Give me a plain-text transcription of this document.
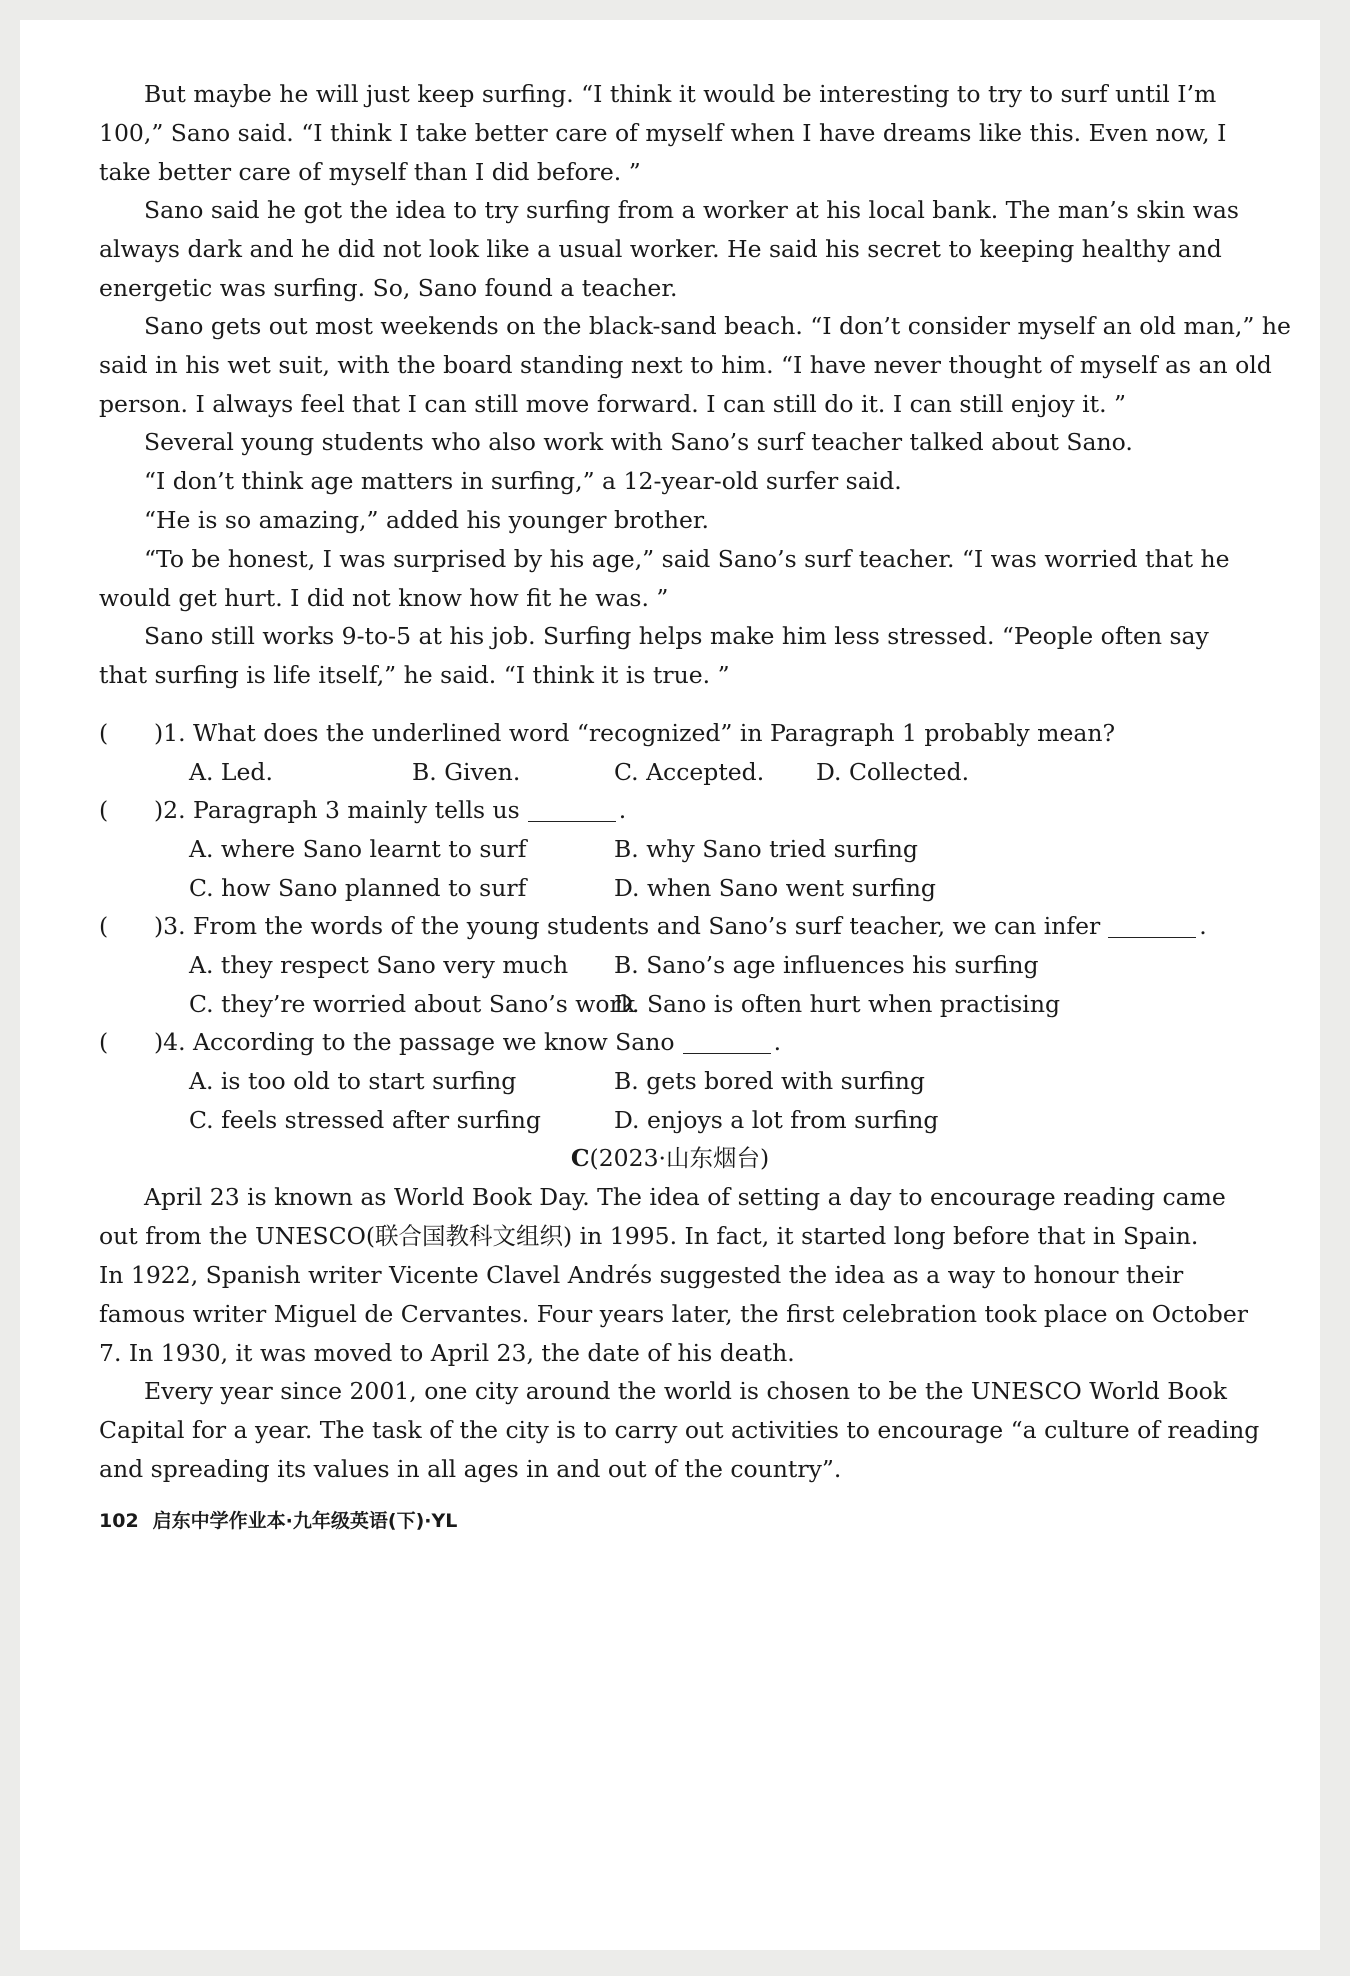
But maybe he will just keep surfing. “I think it would be interesting to try to surf until I’m
100,” Sano said. “I think I take better care of myself when I have dreams like this. Even now, I
take better care of myself than I did before. ”
Sano said he got the idea to try surfing from a worker at his local bank. The man’s skin was
always dark and he did not look like a usual worker. He said his secret to keeping healthy and
energetic was surfing. So, Sano found a teacher.
Sano gets out most weekends on the black-sand beach. “I don’t consider myself an old man,” he
said in his wet suit, with the board standing next to him. “I have never thought of myself as an old
person. I always feel that I can still move forward. I can still do it. I can still enjoy it. ”
Several young students who also work with Sano’s surf teacher talked about Sano.
“I don’t think age matters in surfing,” a 12-year-old surfer said.
“He is so amazing,” added his younger brother.
“To be honest, I was surprised by his age,” said Sano’s surf teacher. “I was worried that he
would get hurt. I did not know how fit he was. ”
Sano still works 9-to-5 at his job. Surfing helps make him less stressed. “People often say
that surfing is life itself,” he said. “I think it is true. ”
( )1. What does the underlined word “recognized” in Paragraph 1 probably mean?
A. Led.	B. Given.	C. Accepted. D. Collected.
( )2. Paragraph 3 mainly tells us	.
A. where Sano learnt to surf	B. why Sano tried surfing
C. how Sano planned to surf	D. when Sano went surfing
( )3. From the words of the young students and Sano’s surf teacher, we can infer	.
A. they respect Sano very much B. Sano’s age influences his surfing
C. they’re worried about Sano’s work
D. Sano is often hurt when practising
( )4. According to the passage we know Sano	.
A. is too old to start surfing	B. gets bored with surfing
C. feels stressed after surfing	D. enjoys a lot from surfing
C(2023·山东烟台)
April 23 is known as World Book Day. The idea of setting a day to encourage reading came
out from the UNESCO(联合国教科文组织) in 1995. In fact, it started long before that in Spain.
In 1922, Spanish writer Vicente Clavel Andrés suggested the idea as a way to honour their
famous writer Miguel de Cervantes. Four years later, the first celebration took place on October
7. In 1930, it was moved to April 23, the date of his death.
Every year since 2001, one city around the world is chosen to be the UNESCO World Book
Capital for a year. The task of the city is to carry out activities to encourage “a culture of reading
and spreading its values in all ages in and out of the country”.
102 启东中学作业本·九年级英语(下)·YL
